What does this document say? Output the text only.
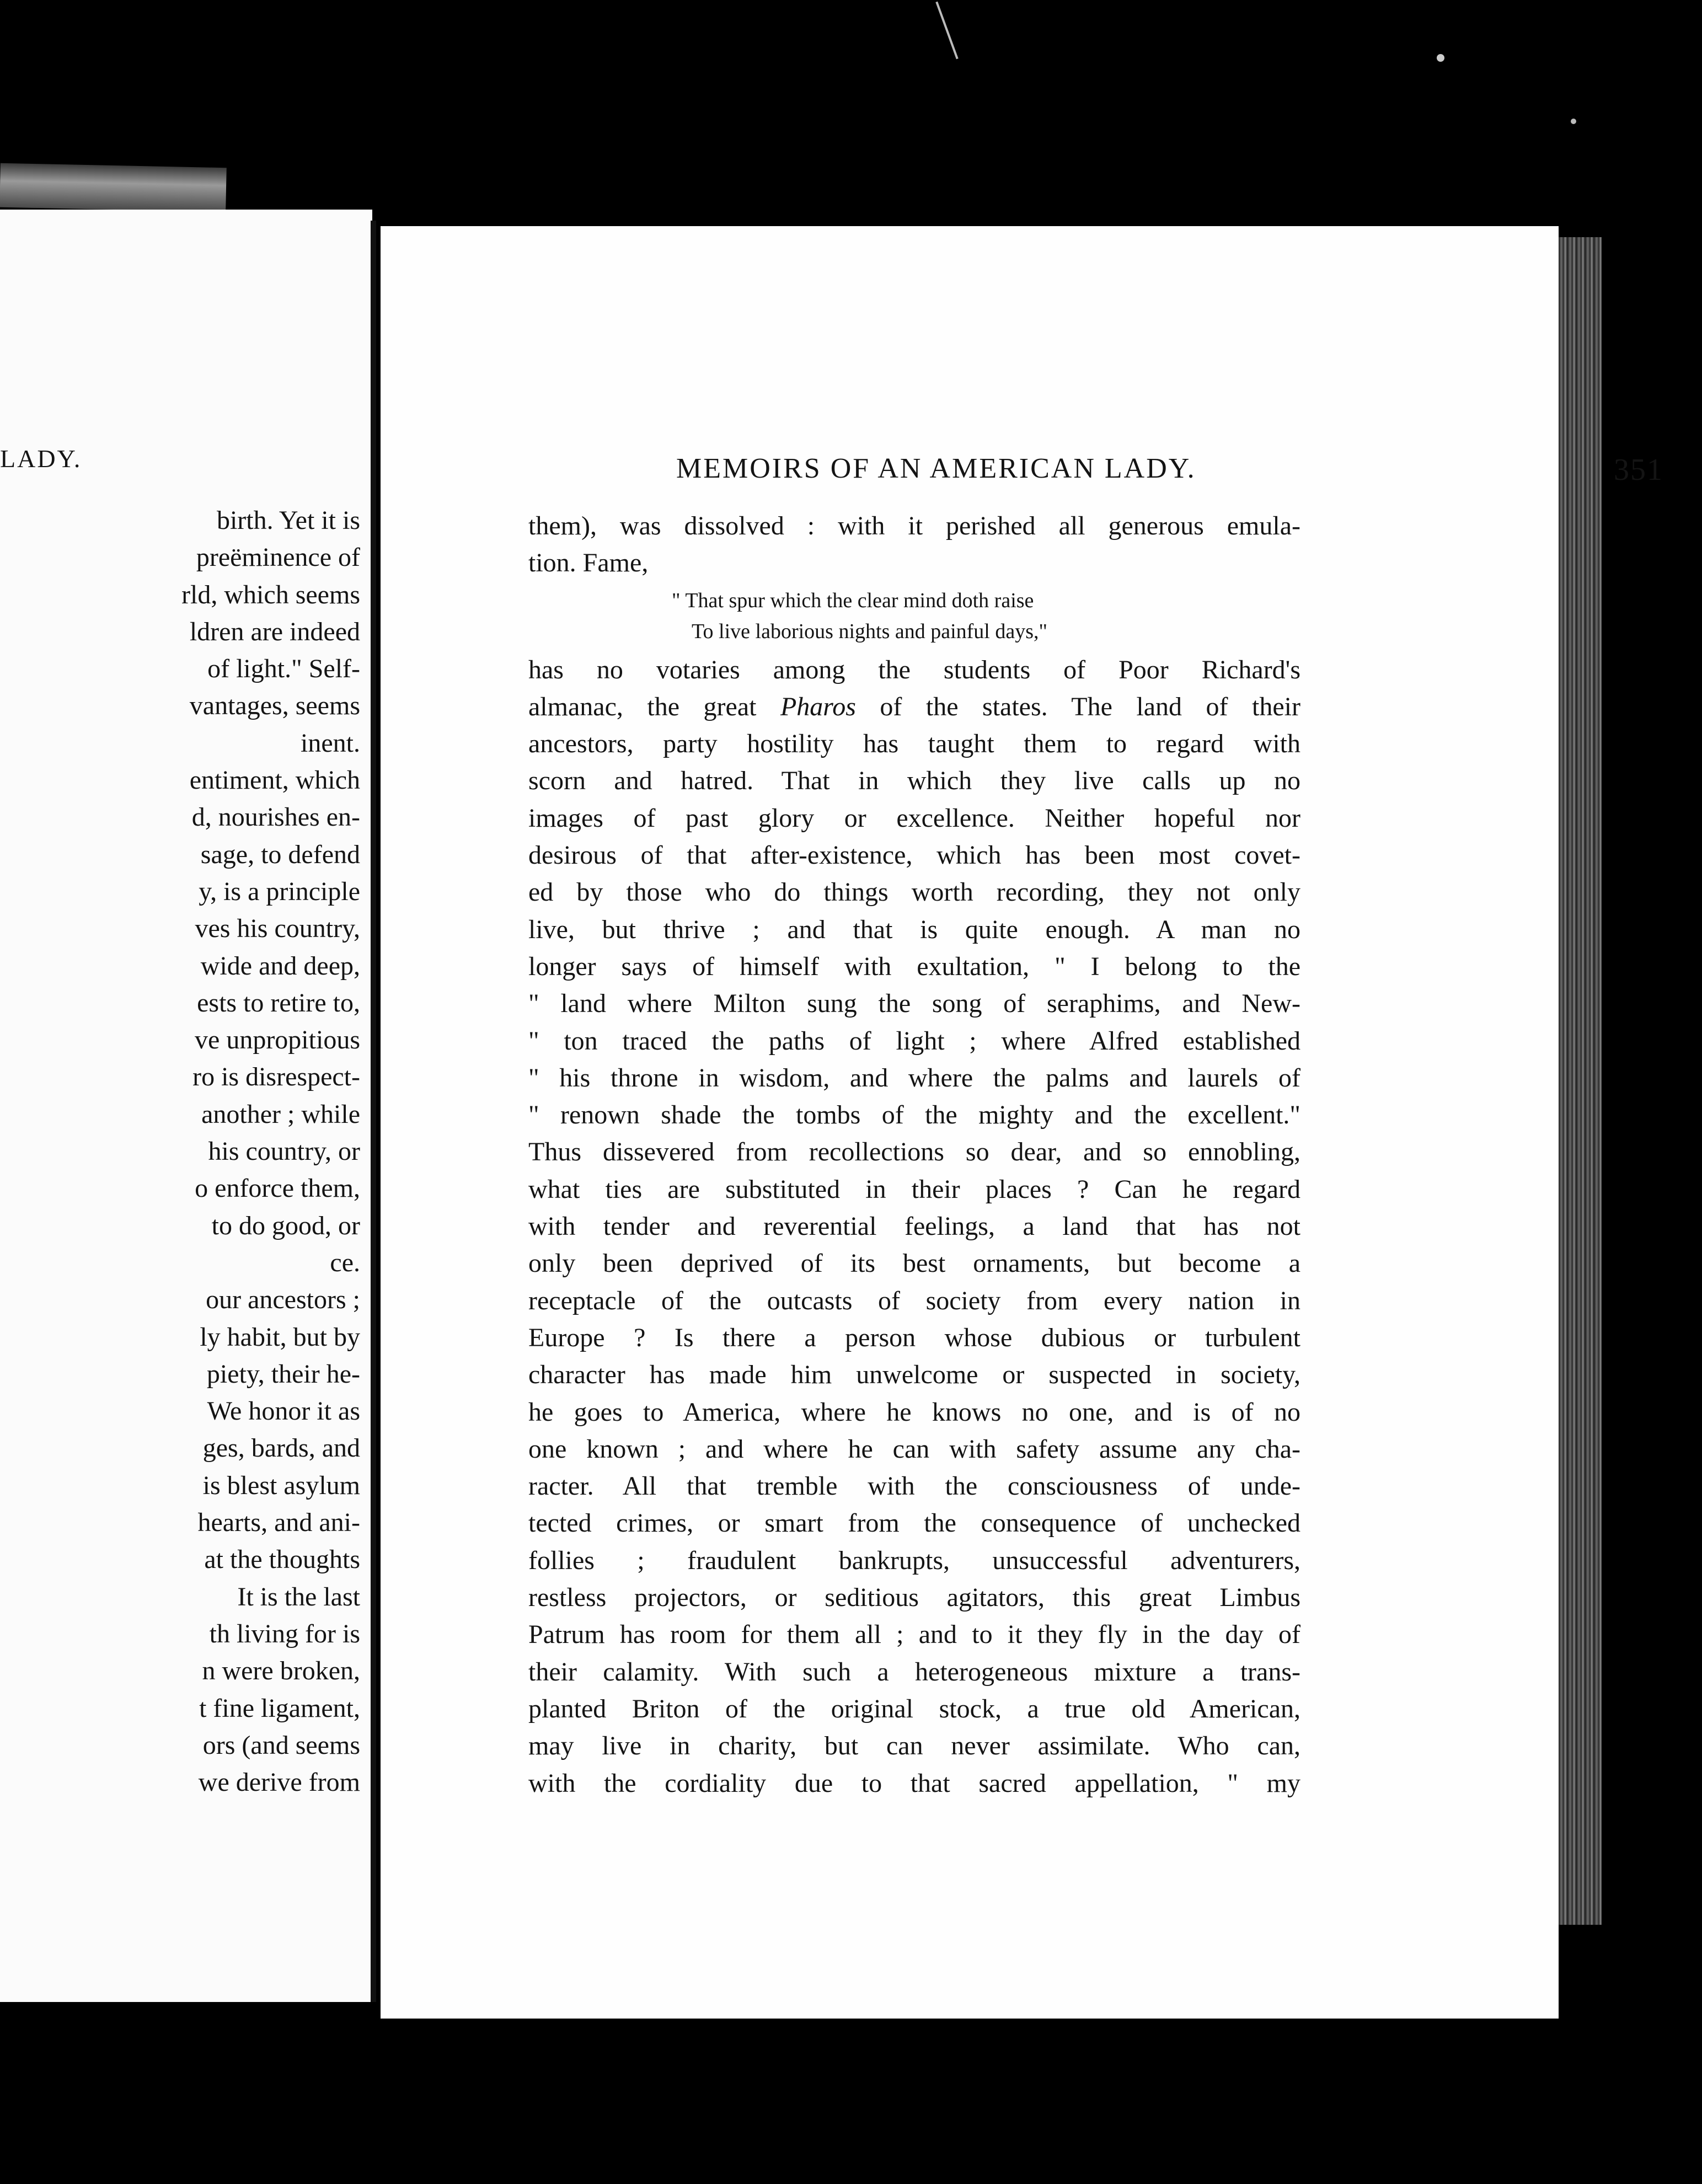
LADY.
birth. Yet it is
preëminence of
rld, which seems
ldren are indeed
of light." Self-
vantages, seems
inent.
entiment, which
d, nourishes en-
sage, to defend
y, is a principle
ves his country,
wide and deep,
ests to retire to,
ve unpropitious
ro is disrespect-
another ; while
his country, or
o enforce them,
to do good, or
ce.
our ancestors ;
ly habit, but by
piety, their he-
We honor it as
ges, bards, and
is blest asylum
hearts, and ani-
at the thoughts
It is the last
th living for is
n were broken,
t fine ligament,
ors (and seems
we derive from
MEMOIRS OF AN AMERICAN LADY.	351
them), was dissolved : with it perished all generous emula-
tion. Fame,
" That spur which the clear mind doth raise
To live laborious nights and painful days,"
has no votaries among the students of Poor Richard's
almanac, the great Pharos of the states. The land of their
ancestors, party hostility has taught them to regard with
scorn and hatred. That in which they live calls up no
images of past glory or excellence. Neither hopeful nor
desirous of that after-existence, which has been most covet-
ed by those who do things worth recording, they not only
live, but thrive ; and that is quite enough. A man no
longer says of himself with exultation, " I belong to the
" land where Milton sung the song of seraphims, and New-
" ton traced the paths of light ; where Alfred established
" his throne in wisdom, and where the palms and laurels of
" renown shade the tombs of the mighty and the excellent."
Thus dissevered from recollections so dear, and so ennobling,
what ties are substituted in their places ? Can he regard
with tender and reverential feelings, a land that has not
only been deprived of its best ornaments, but become a
receptacle of the outcasts of society from every nation in
Europe ? Is there a person whose dubious or turbulent
character has made him unwelcome or suspected in society,
he goes to America, where he knows no one, and is of no
one known ; and where he can with safety assume any cha-
racter. All that tremble with the consciousness of unde-
tected crimes, or smart from the consequence of unchecked
follies ; fraudulent bankrupts, unsuccessful adventurers,
restless projectors, or seditious agitators, this great Limbus
Patrum has room for them all ; and to it they fly in the day of
their calamity. With such a heterogeneous mixture a trans-
planted Briton of the original stock, a true old American,
may live in charity, but can never assimilate. Who can,
with the cordiality due to that sacred appellation, " my
